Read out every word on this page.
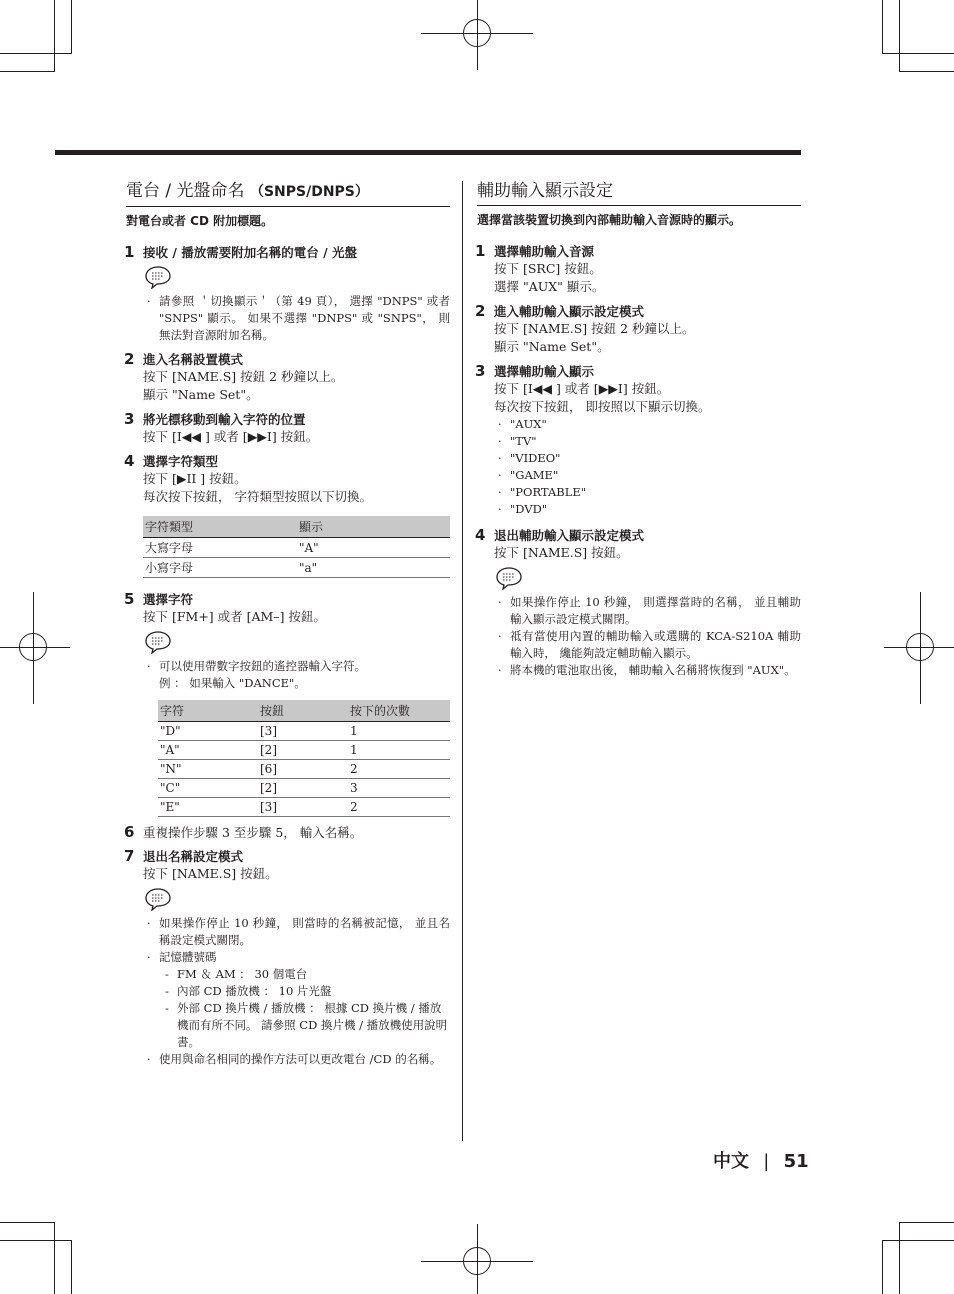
電台 / 光盤命名 （SNPS/DNPS）
對電台或者 CD 附加標題。
1 接收 / 播放需要附加名稱的電台 / 光盤
· 請參照 ＇切換顯示＇（第 49 頁）， 選擇 "DNPS" 或者 "SNPS" 顯示。 如果不選擇 "DNPS" 或 "SNPS"， 則無法對音源附加名稱。
2 進入名稱設置模式
按下 [NAME.S] 按鈕 2 秒鐘以上。
顯示 "Name Set"。
3 將光標移動到輸入字符的位置
按下 [I◀◀ ] 或者 [▶▶I] 按鈕。
4 選擇字符類型
按下 [▶II ] 按鈕。
每次按下按鈕， 字符類型按照以下切換。
字符類型	顯示
大寫字母	"A"
小寫字母	"a"
5 選擇字符
按下 [FM+] 或者 [AM–] 按鈕。
· 可以使用帶數字按鈕的遙控器輸入字符。
例 ： 如果輸入 "DANCE"。
字符	按鈕	按下的次數
"D"	[3]	1
"A"	[2]	1
"N"	[6]	2
"C"	[2]	3
"E"	[3]	2
6 重複操作步驟 3 至步驟 5， 輸入名稱。
7 退出名稱設定模式
按下 [NAME.S] 按鈕。
· 如果操作停止 10 秒鐘， 則當時的名稱被記憶， 並且名稱設定模式關閉。
· 記憶體號碼
- FM ＆ AM ： 30 個電台
- 內部 CD 播放機 ： 10 片光盤
- 外部 CD 換片機 / 播放機 ： 根據 CD 換片機 / 播放機而有所不同。 請參照 CD 換片機 / 播放機使用說明書。
· 使用與命名相同的操作方法可以更改電台 /CD 的名稱。
輔助輸入顯示設定
選擇當該裝置切換到內部輔助輸入音源時的顯示。
1 選擇輔助輸入音源
按下 [SRC] 按鈕。
選擇 "AUX" 顯示。
2 進入輔助輸入顯示設定模式
按下 [NAME.S] 按鈕 2 秒鐘以上。
顯示 "Name Set"。
3 選擇輔助輸入顯示
按下 [I◀◀ ] 或者 [▶▶I] 按鈕。
每次按下按鈕， 即按照以下顯示切換。
· "AUX"
· "TV"
· "VIDEO"
· "GAME"
· "PORTABLE"
· "DVD"
4 退出輔助輸入顯示設定模式
按下 [NAME.S] 按鈕。
· 如果操作停止 10 秒鐘， 則選擇當時的名稱， 並且輔助輸入顯示設定模式關閉。
· 祗有當使用內置的輔助輸入或選購的 KCA-S210A 輔助輸入時， 纔能夠設定輔助輸入顯示。
· 將本機的電池取出後， 輔助輸入名稱將恢復到 "AUX"。
中文 | 51
